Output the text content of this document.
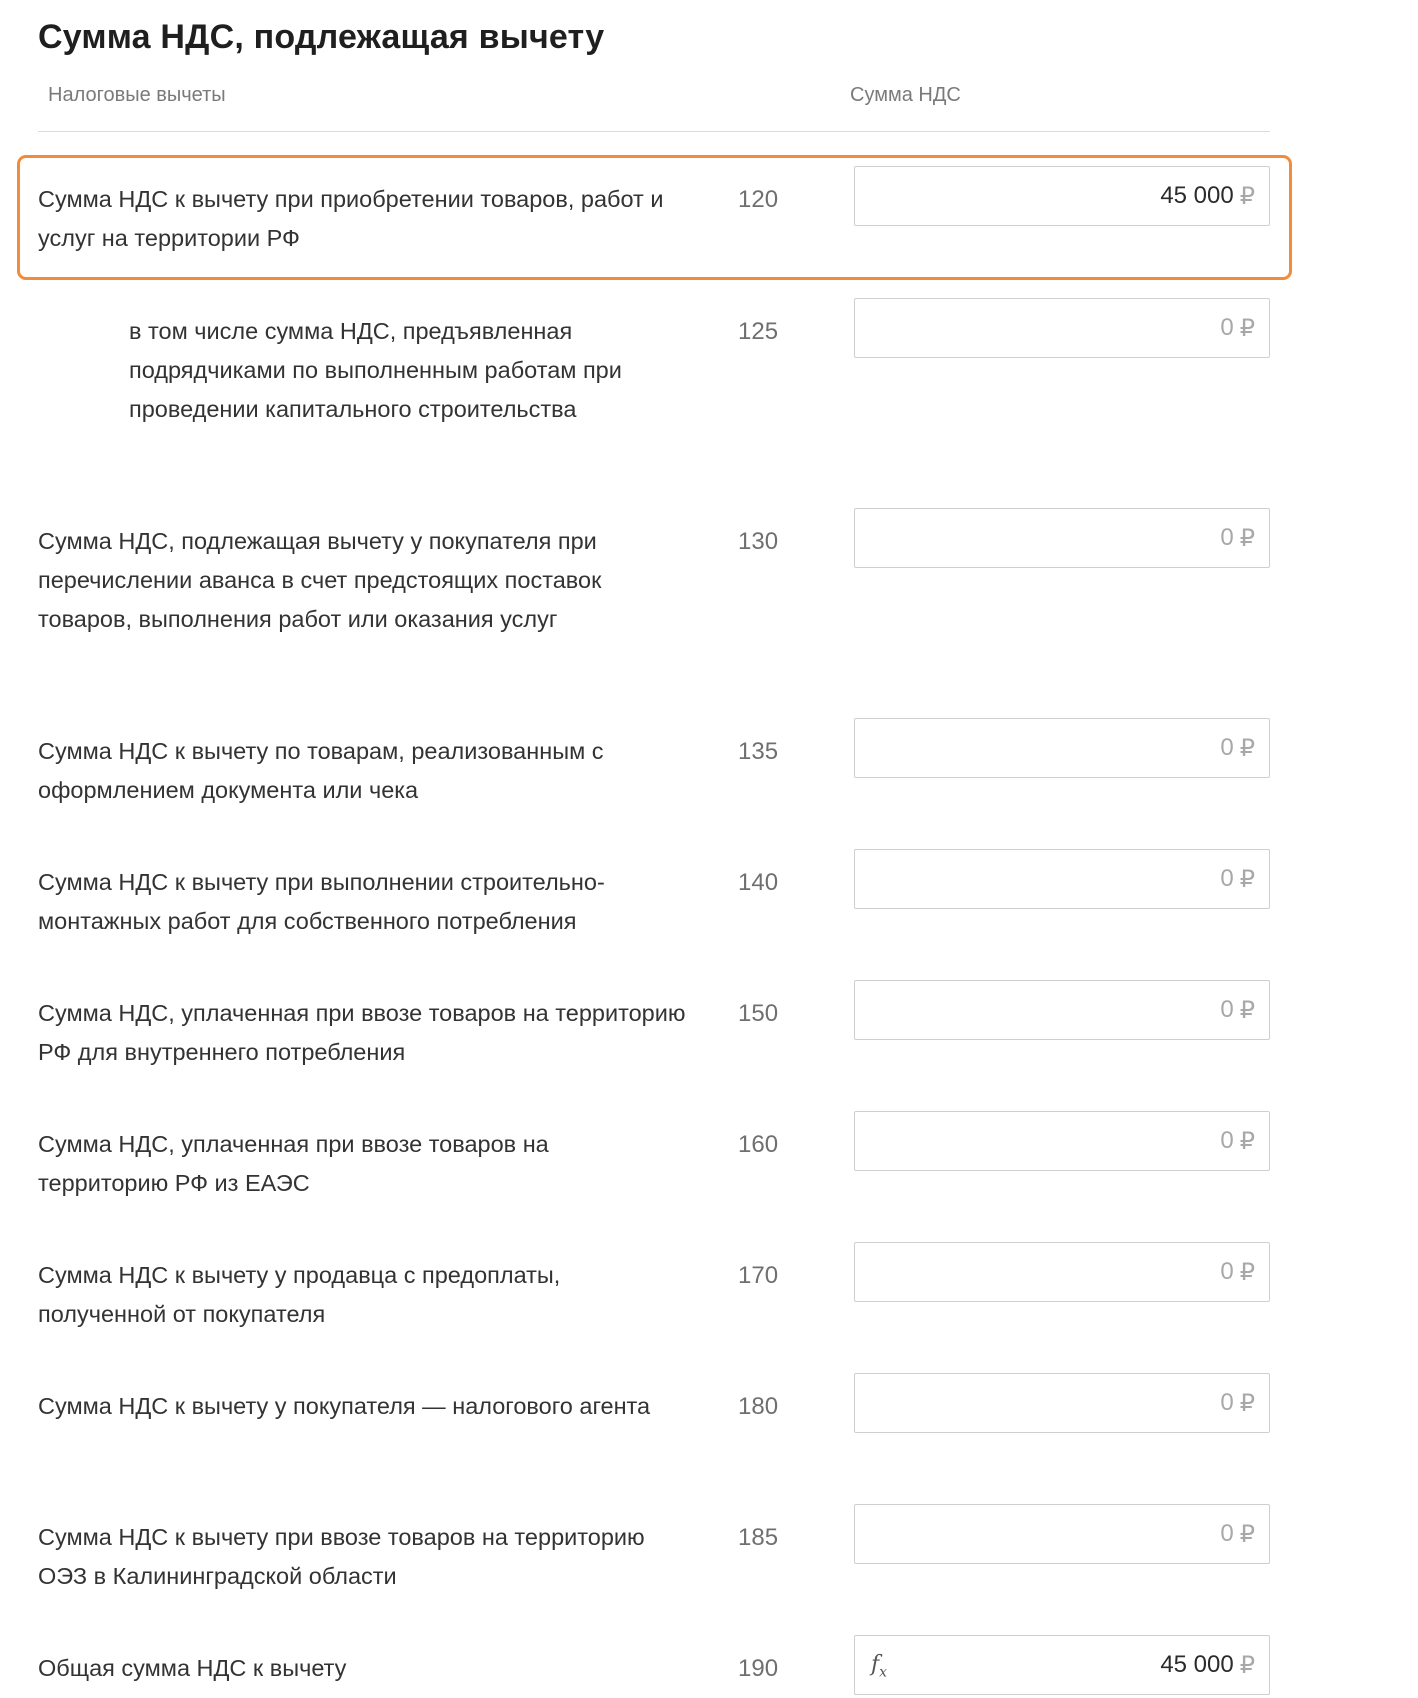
Сумма НДС, подлежащая вычету
Налоговые вычеты	Сумма НДС
Сумма НДС к вычету при приобретении товаров, работ и услуг на территории РФ
120	45 000 ₽
в том числе сумма НДС, предъявленная подрядчиками по выполненным работам при проведении капитального строительства
125	0 ₽
Сумма НДС, подлежащая вычету у покупателя при перечислении аванса в счет предстоящих поставок товаров, выполнения работ или оказания услуг
130	0 ₽
Сумма НДС к вычету по товарам, реализованным с оформлением документа или чека
135	0 ₽
Сумма НДС к вычету при выполнении строительно-монтажных работ для собственного потребления
140	0 ₽
Сумма НДС, уплаченная при ввозе товаров на территорию РФ для внутреннего потребления
150	0 ₽
Сумма НДС, уплаченная при ввозе товаров на территорию РФ из ЕАЭС
160	0 ₽
Сумма НДС к вычету у продавца с предоплаты, полученной от покупателя
170	0 ₽
Сумма НДС к вычету у покупателя — налогового агента	180	0 ₽
Сумма НДС к вычету при ввозе товаров на территорию ОЭЗ в Калининградской области
185	0 ₽
Общая сумма НДС к вычету	190	$f_x$	45 000 ₽
